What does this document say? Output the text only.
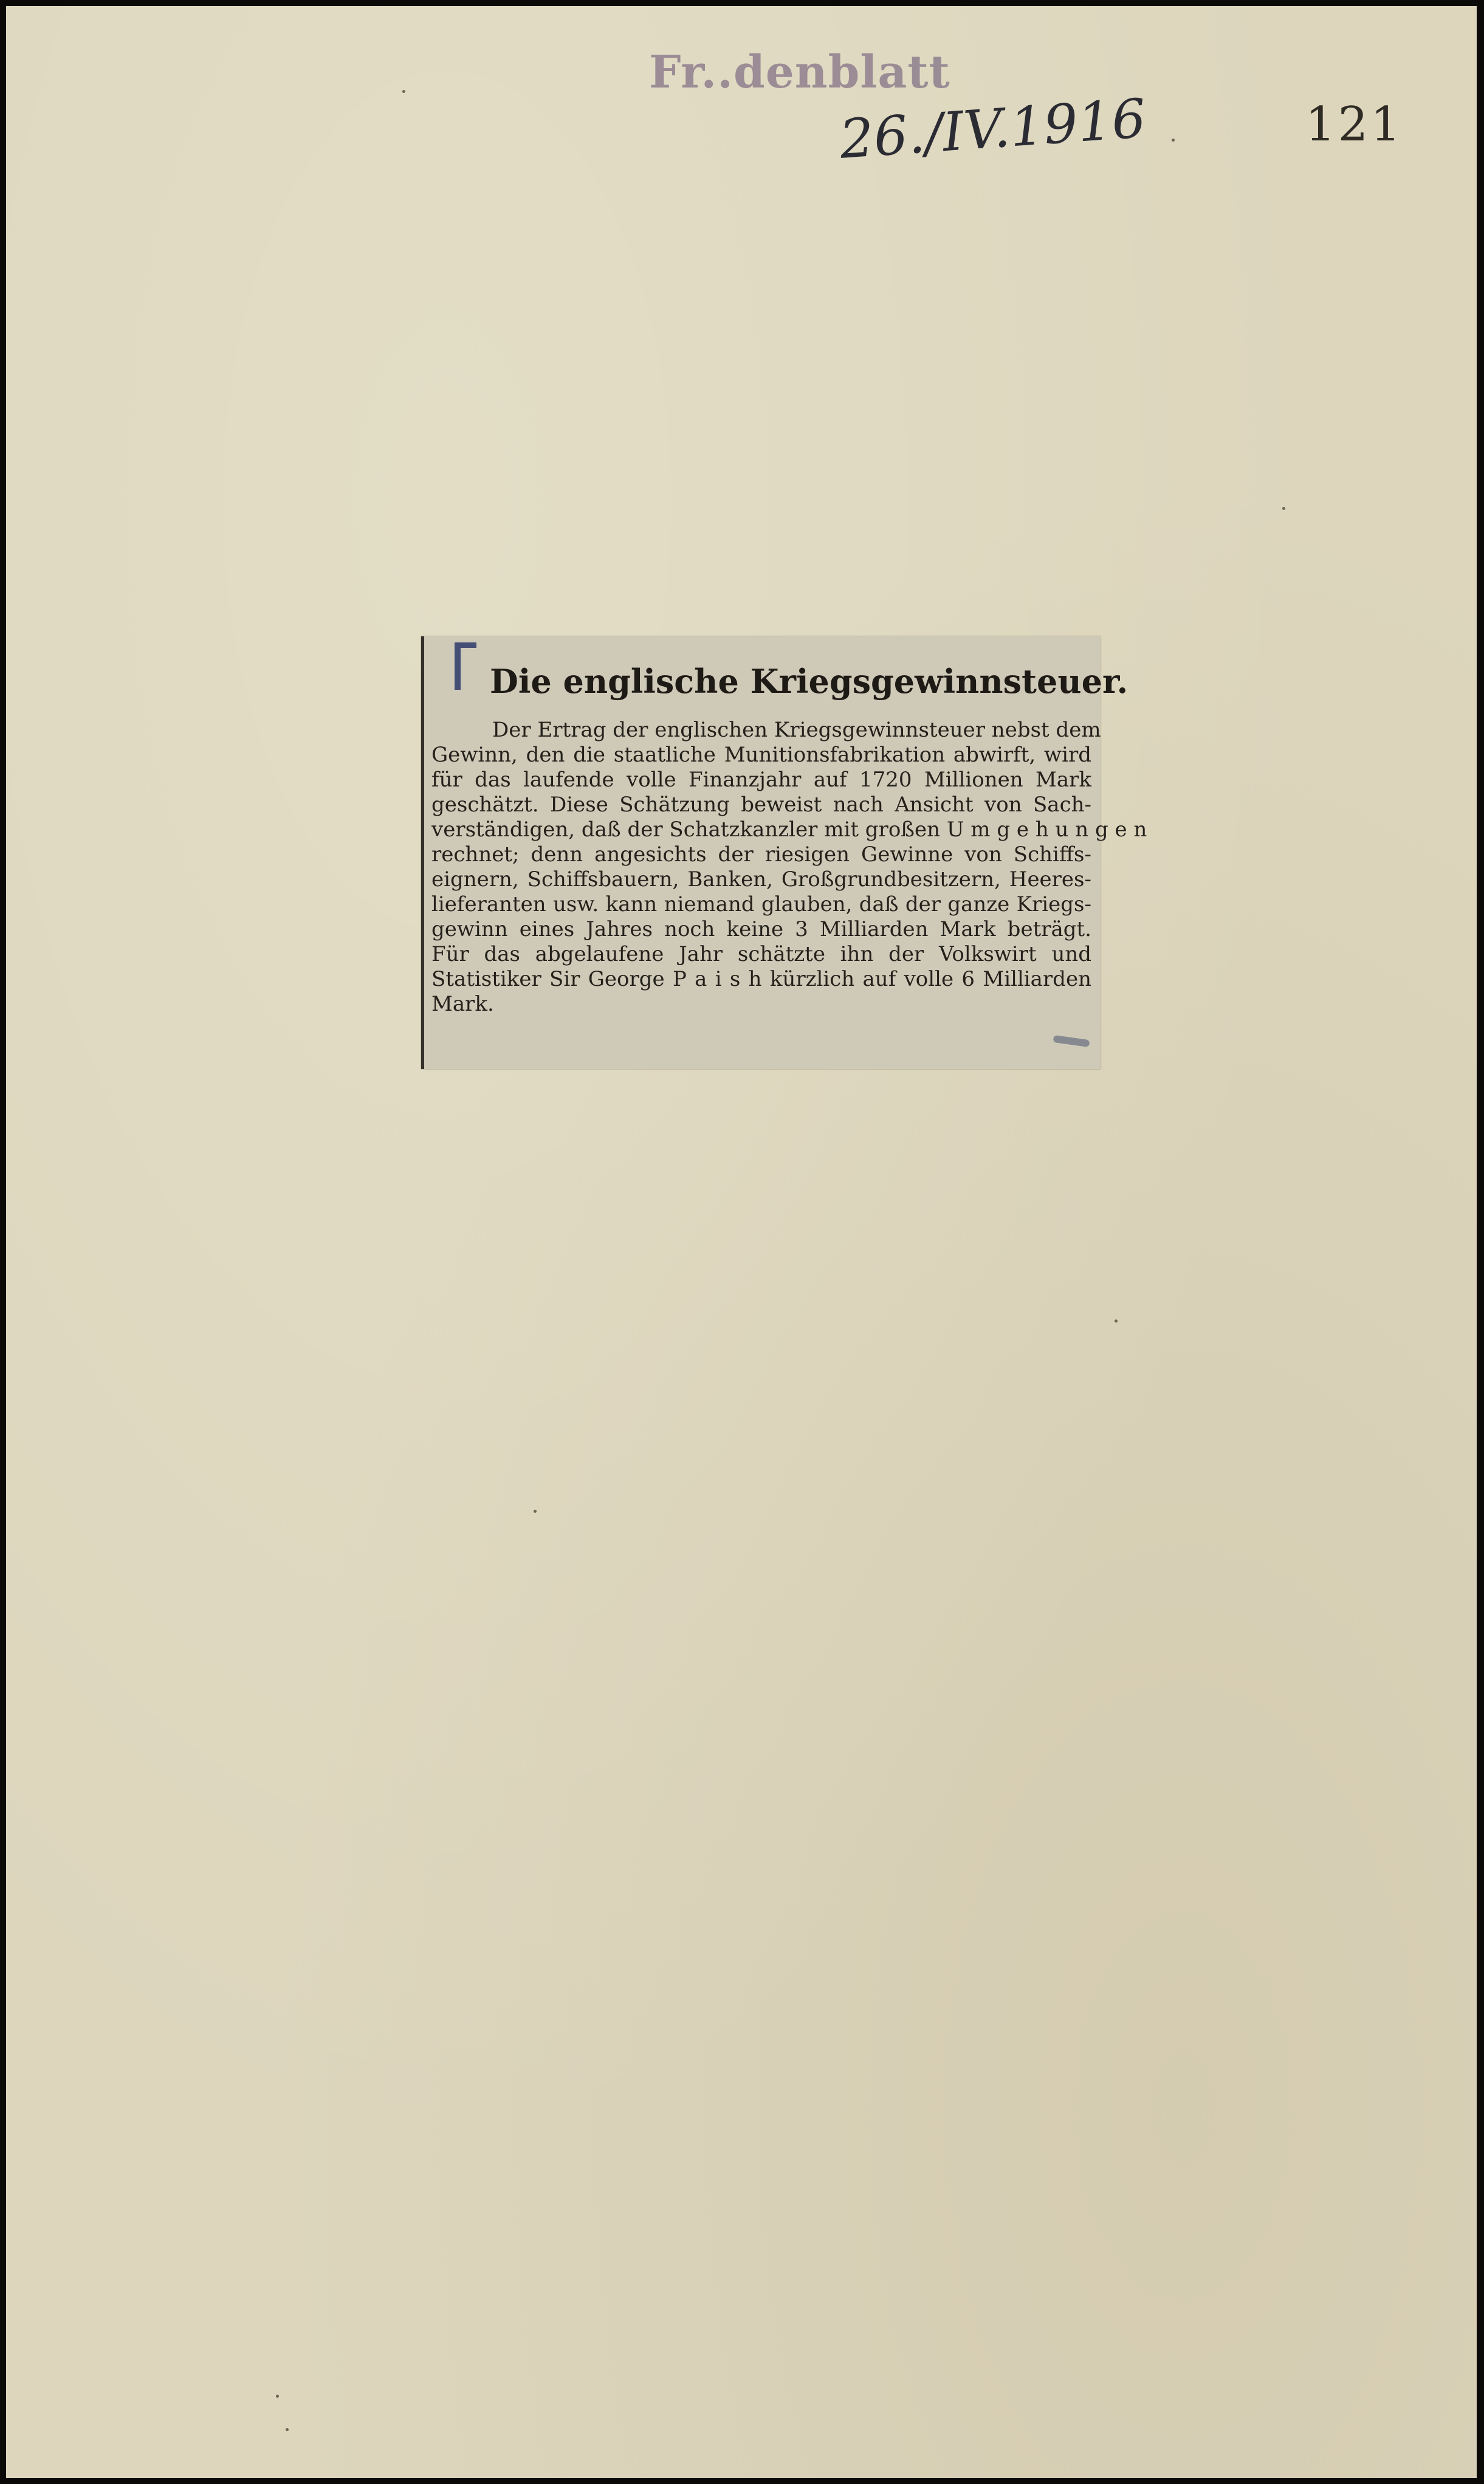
Fr..denblatt
26./IV.1916	121
Die englische Kriegsgewinnsteuer.
Der Ertrag der englischen Kriegsgewinnsteuer nebst dem
Gewinn, den die staatliche Munitionsfabrikation abwirft, wird
für das laufende volle Finanzjahr auf 1720 Millionen Mark
geschätzt. Diese Schätzung beweist nach Ansicht von Sach-
verständigen, daß der Schatzkanzler mit großen U m g e h u n g e n
rechnet; denn angesichts der riesigen Gewinne von Schiffs-
eignern, Schiffsbauern, Banken, Großgrundbesitzern, Heeres-
lieferanten usw. kann niemand glauben, daß der ganze Kriegs-
gewinn eines Jahres noch keine 3 Milliarden Mark beträgt.
Für das abgelaufene Jahr schätzte ihn der Volkswirt und
Statistiker Sir George P a i s h kürzlich auf volle 6 Milliarden
Mark.
